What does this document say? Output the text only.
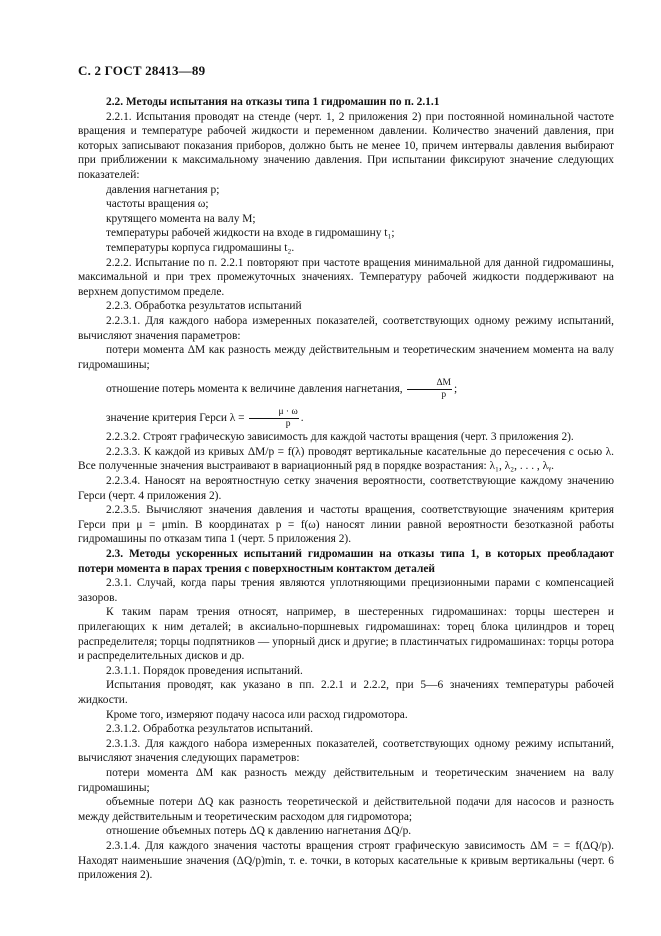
С. 2 ГОСТ 28413—89

2.2. Методы испытания на отказы типа 1 гидромашин по п. 2.1.1

2.2.1. Испытания проводят на стенде (черт. 1, 2 приложения 2) при постоянной номинальной частоте вращения и температуре рабочей жидкости и переменном давлении. Количество значений давления, при которых записывают показания приборов, должно быть не менее 10, причем интервалы давления выбирают при приближении к максимальному значению давления. При испытании фиксируют значение следующих показателей:

давления нагнетания p;

частоты вращения ω;

крутящего момента на валу M;

температуры рабочей жидкости на входе в гидромашину t₁;

температуры корпуса гидромашины t₂.

2.2.2. Испытание по п. 2.2.1 повторяют при частоте вращения минимальной для данной гидромашины, максимальной и при трех промежуточных значениях. Температуру рабочей жидкости поддерживают на верхнем допустимом пределе.

2.2.3. Обработка результатов испытаний

2.2.3.1. Для каждого набора измеренных показателей, соответствующих одному режиму испытаний, вычисляют значения параметров:

потери момента ΔM как разность между действительным и теоретическим значением момента на валу гидромашины;

отношение потерь момента к величине давления нагнетания, $\frac{\Delta M}{p}$ ;

значение критерия Герси $\lambda = \frac{\mu \cdot \omega}{p}$ .

2.2.3.2. Строят графическую зависимость для каждой частоты вращения (черт. 3 приложения 2).

2.2.3.3. К каждой из кривых ΔM/p = f(λ) проводят вертикальные касательные до пересечения с осью λ. Все полученные значения выстраивают в вариационный ряд в порядке возрастания: λ₁, λ₂, . . . , λᵧ.

2.2.3.4. Наносят на вероятностную сетку значения вероятности, соответствующие каждому значению Герси (черт. 4 приложения 2).

2.2.3.5. Вычисляют значения давления и частоты вращения, соответствующие значениям критерия Герси при μ = μmin. В координатах p = f(ω) наносят линии равной вероятности безотказной работы гидромашины по отказам типа 1 (черт. 5 приложения 2).

2.3. Методы ускоренных испытаний гидромашин на отказы типа 1, в которых преобладают потери момента в парах трения с поверхностным контактом деталей

2.3.1. Случай, когда пары трения являются уплотняющими прецизионными парами с компенсацией зазоров.

К таким парам трения относят, например, в шестеренных гидромашинах: торцы шестерен и прилегающих к ним деталей; в аксиально-поршневых гидромашинах: торец блока цилиндров и торец распределителя; торцы подпятников — упорный диск и другие; в пластинчатых гидромашинах: торцы ротора и распределительных дисков и др.

2.3.1.1. Порядок проведения испытаний.

Испытания проводят, как указано в пп. 2.2.1 и 2.2.2, при 5—6 значениях температуры рабочей жидкости.

Кроме того, измеряют подачу насоса или расход гидромотора.

2.3.1.2. Обработка результатов испытаний.

2.3.1.3. Для каждого набора измеренных показателей, соответствующих одному режиму испытаний, вычисляют значения следующих параметров:

потери момента ΔM как разность между действительным и теоретическим значением на валу гидромашины;

объемные потери ΔQ как разность теоретической и действительной подачи для насосов и разность между действительным и теоретическим расходом для гидромотора;

отношение объемных потерь ΔQ к давлению нагнетания ΔQ/p.

2.3.1.4. Для каждого значения частоты вращения строят графическую зависимость ΔM = = f(ΔQ/p). Находят наименьшие значения (ΔQ/p)min, т. е. точки, в которых касательные к кривым вертикальны (черт. 6 приложения 2).
